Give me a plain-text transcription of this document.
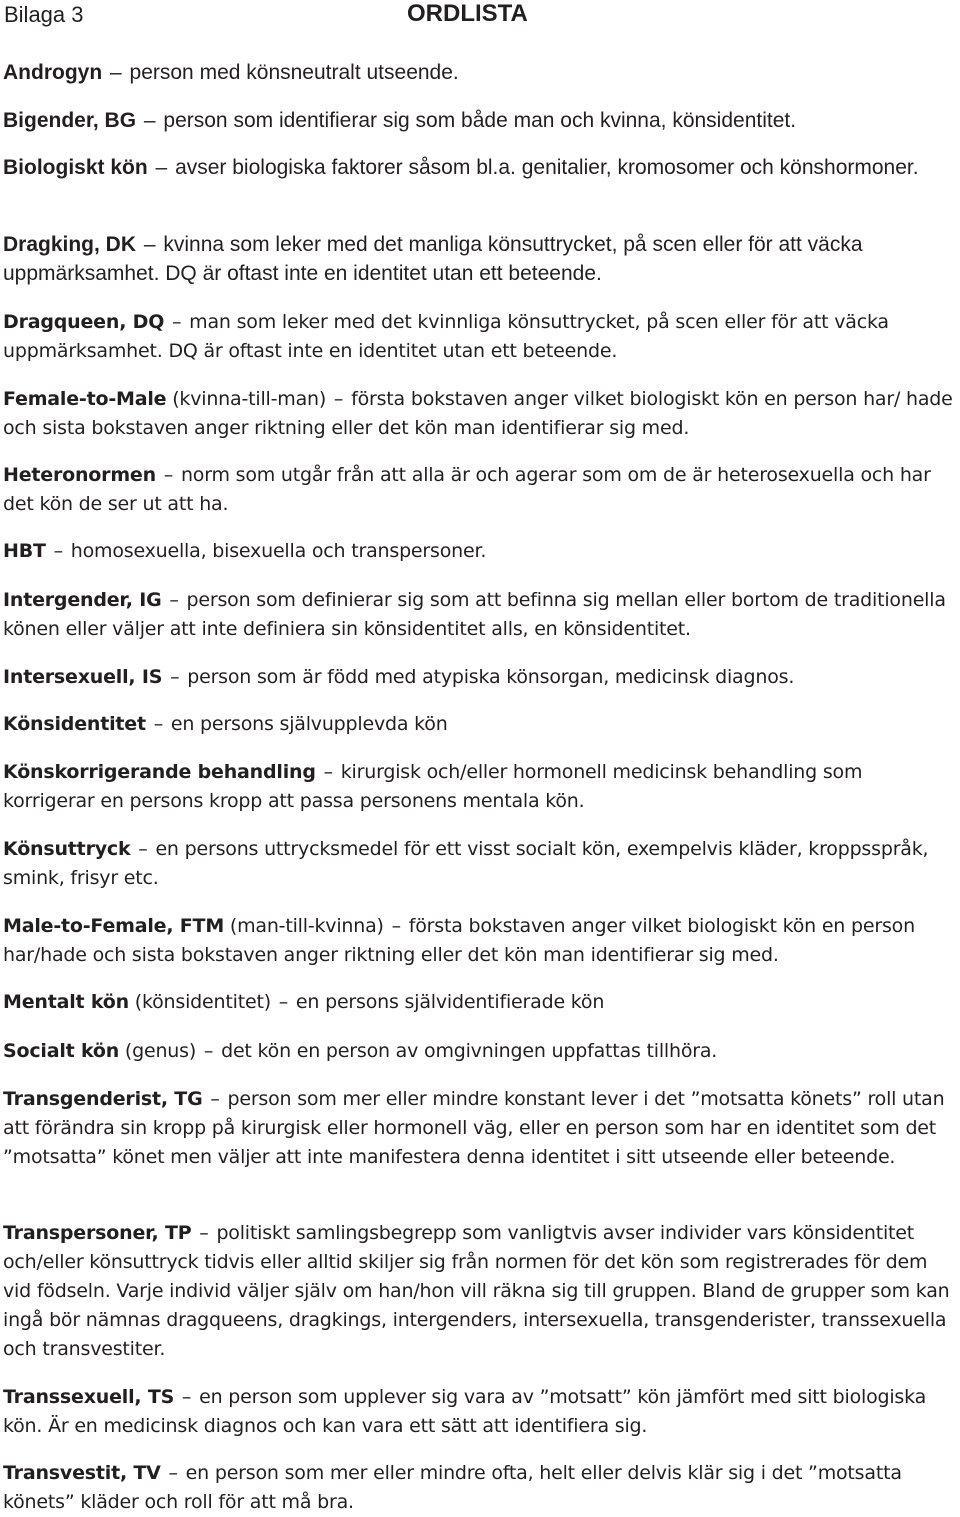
Bilaga 3	ORDLISTA
Androgyn – person med könsneutralt utseende.
Bigender, BG – person som identifierar sig som både man och kvinna, könsidentitet.
Biologiskt kön – avser biologiska faktorer såsom bl.a. genitalier, kromosomer och könshormoner.
Dragking, DK – kvinna som leker med det manliga könsuttrycket, på scen eller för att väcka uppmärksamhet. DQ är oftast inte en identitet utan ett beteende.
Dragqueen, DQ – man som leker med det kvinnliga könsuttrycket, på scen eller för att väcka uppmärksamhet. DQ är oftast inte en identitet utan ett beteende.
Female-to-Male (kvinna-till-man) – första bokstaven anger vilket biologiskt kön en person har/ hade och sista bokstaven anger riktning eller det kön man identifierar sig med.
Heteronormen – norm som utgår från att alla är och agerar som om de är heterosexuella och har det kön de ser ut att ha.
HBT – homosexuella, bisexuella och transpersoner.
Intergender, IG – person som definierar sig som att befinna sig mellan eller bortom de traditionella könen eller väljer att inte definiera sin könsidentitet alls, en könsidentitet.
Intersexuell, IS – person som är född med atypiska könsorgan, medicinsk diagnos.
Könsidentitet – en persons självupplevda kön
Könskorrigerande behandling – kirurgisk och/eller hormonell medicinsk behandling som korrigerar en persons kropp att passa personens mentala kön.
Könsuttryck – en persons uttrycksmedel för ett visst socialt kön, exempelvis kläder, kroppsspråk, smink, frisyr etc.
Male-to-Female, FTM (man-till-kvinna) – första bokstaven anger vilket biologiskt kön en person har/hade och sista bokstaven anger riktning eller det kön man identifierar sig med.
Mentalt kön (könsidentitet) – en persons självidentifierade kön
Socialt kön (genus) – det kön en person av omgivningen uppfattas tillhöra.
Transgenderist, TG – person som mer eller mindre konstant lever i det ”motsatta könets” roll utan att förändra sin kropp på kirurgisk eller hormonell väg, eller en person som har en identitet som det ”motsatta” könet men väljer att inte manifestera denna identitet i sitt utseende eller beteende.
Transpersoner, TP – politiskt samlingsbegrepp som vanligtvis avser individer vars könsidentitet och/eller könsuttryck tidvis eller alltid skiljer sig från normen för det kön som registrerades för dem vid födseln. Varje individ väljer själv om han/hon vill räkna sig till gruppen. Bland de grupper som kan ingå bör nämnas dragqueens, dragkings, intergenders, intersexuella, transgenderister, transsexuella och transvestiter.
Transsexuell, TS – en person som upplever sig vara av ”motsatt” kön jämfört med sitt biologiska kön. Är en medicinsk diagnos och kan vara ett sätt att identifiera sig.
Transvestit, TV – en person som mer eller mindre ofta, helt eller delvis klär sig i det ”motsatta könets” kläder och roll för att må bra.
